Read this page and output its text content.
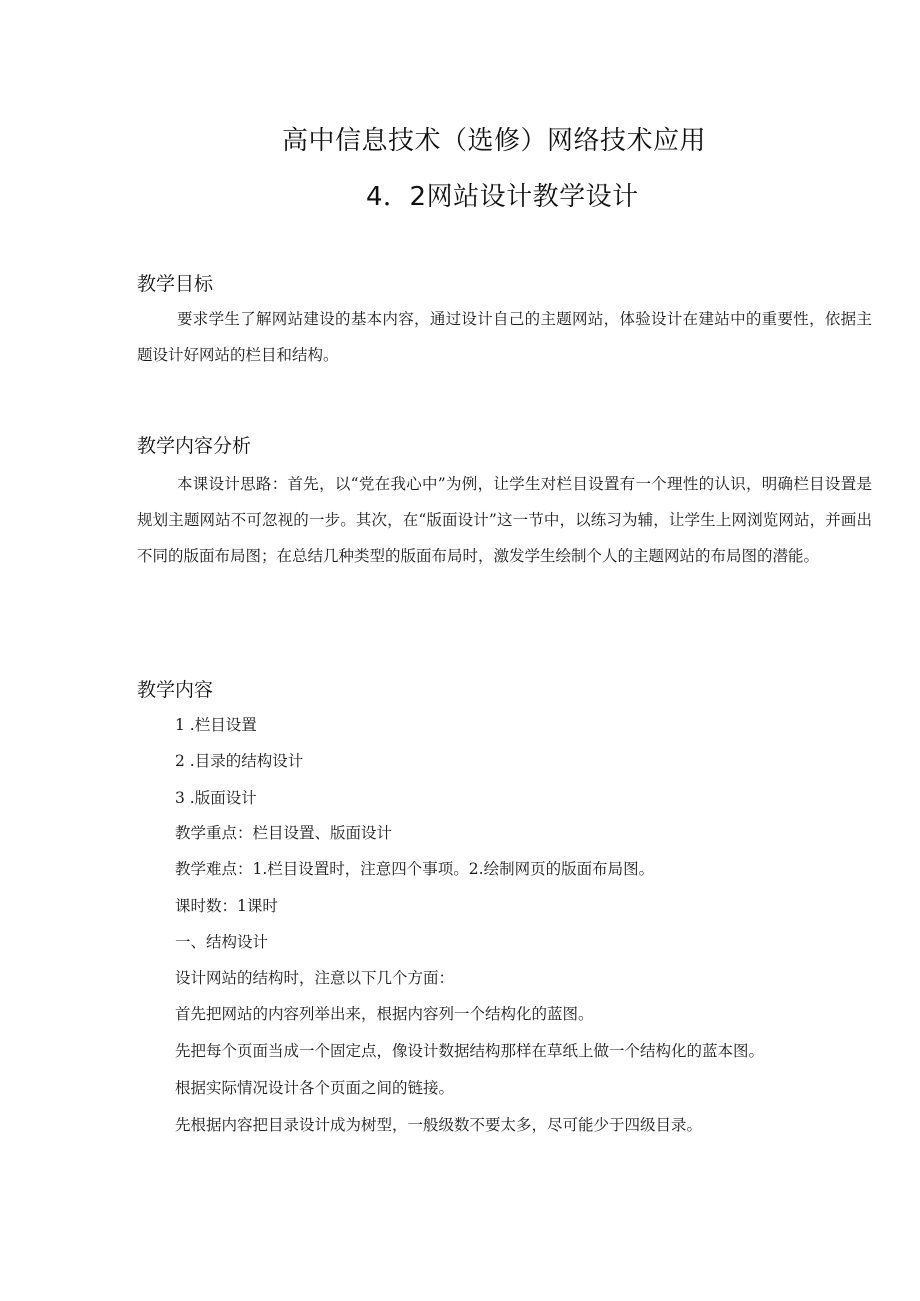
高中信息技术（选修）网络技术应用
4．2网站设计教学设计
教学目标
要求学生了解网站建设的基本内容，通过设计自己的主题网站，体验设计在建站中的重要性，依据主题设计好网站的栏目和结构。
教学内容分析
本课设计思路：首先，以“党在我心中”为例，让学生对栏目设置有一个理性的认识，明确栏目设置是规划主题网站不可忽视的一步。其次，在“版面设计”这一节中，以练习为辅，让学生上网浏览网站，并画出不同的版面布局图；在总结几种类型的版面布局时，激发学生绘制个人的主题网站的布局图的潜能。
教学内容
1 .栏目设置
2 .目录的结构设计
3 .版面设计
教学重点：栏目设置、版面设计
教学难点：1.栏目设置时，注意四个事项。2.绘制网页的版面布局图。
课时数：1课时
一、结构设计
设计网站的结构时，注意以下几个方面：
首先把网站的内容列举出来，根据内容列一个结构化的蓝图。
先把每个页面当成一个固定点，像设计数据结构那样在草纸上做一个结构化的蓝本图。
根据实际情况设计各个页面之间的链接。
先根据内容把目录设计成为树型，一般级数不要太多，尽可能少于四级目录。
